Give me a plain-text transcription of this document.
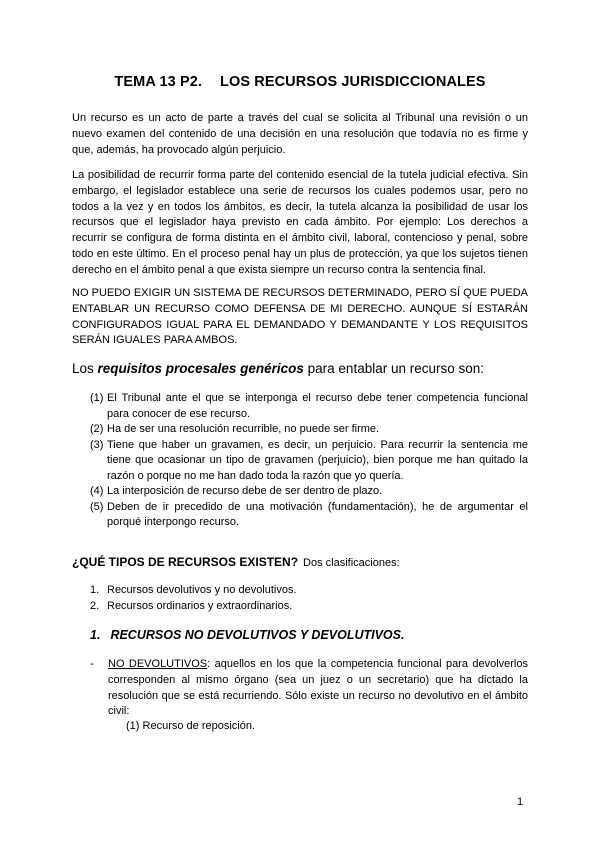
TEMA 13 P2. LOS RECURSOS JURISDICCIONALES
Un recurso es un acto de parte a través del cual se solicita al Tribunal una revisión o un nuevo examen del contenido de una decisión en una resolución que todavía no es firme y que, además, ha provocado algún perjuicio.
La posibilidad de recurrir forma parte del contenido esencial de la tutela judicial efectiva. Sin embargo, el legislador establece una serie de recursos los cuales podemos usar, pero no todos a la vez y en todos los ámbitos, es decir, la tutela alcanza la posibilidad de usar los recursos que el legislador haya previsto en cada ámbito. Por ejemplo: Los derechos a recurrir se configura de forma distinta en el ámbito civil, laboral, contencioso y penal, sobre todo en este último. En el proceso penal hay un plus de protección, ya que los sujetos tienen derecho en el ámbito penal a que exista siempre un recurso contra la sentencia final.
NO PUEDO EXIGIR UN SISTEMA DE RECURSOS DETERMINADO, PERO SÍ QUE PUEDA ENTABLAR UN RECURSO COMO DEFENSA DE MI DERECHO. AUNQUE SÍ ESTARÁN CONFIGURADOS IGUAL PARA EL DEMANDADO Y DEMANDANTE Y LOS REQUISITOS SERÁN IGUALES PARA AMBOS.
Los requisitos procesales genéricos para entablar un recurso son:
(1) El Tribunal ante el que se interponga el recurso debe tener competencia funcional para conocer de ese recurso.
(2) Ha de ser una resolución recurrible, no puede ser firme.
(3) Tiene que haber un gravamen, es decir, un perjuicio. Para recurrir la sentencia me tiene que ocasionar un tipo de gravamen (perjuicio), bien porque me han quitado la razón o porque no me han dado toda la razón que yo quería.
(4) La interposición de recurso debe de ser dentro de plazo.
(5) Deben de ir precedido de una motivación (fundamentación), he de argumentar el porqué interpongo recurso.
¿QUÉ TIPOS DE RECURSOS EXISTEN? Dos clasificaciones:
1. Recursos devolutivos y no devolutivos.
2. Recursos ordinarios y extraordinarios.
1. RECURSOS NO DEVOLUTIVOS Y DEVOLUTIVOS.
-	NO DEVOLUTIVOS: aquellos en los que la competencia funcional para devolverlos corresponden al mismo órgano (sea un juez o un secretario) que ha dictado la resolución que se está recurriendo. Sólo existe un recurso no devolutivo en el ámbito civil:
(1) Recurso de reposición.
1
